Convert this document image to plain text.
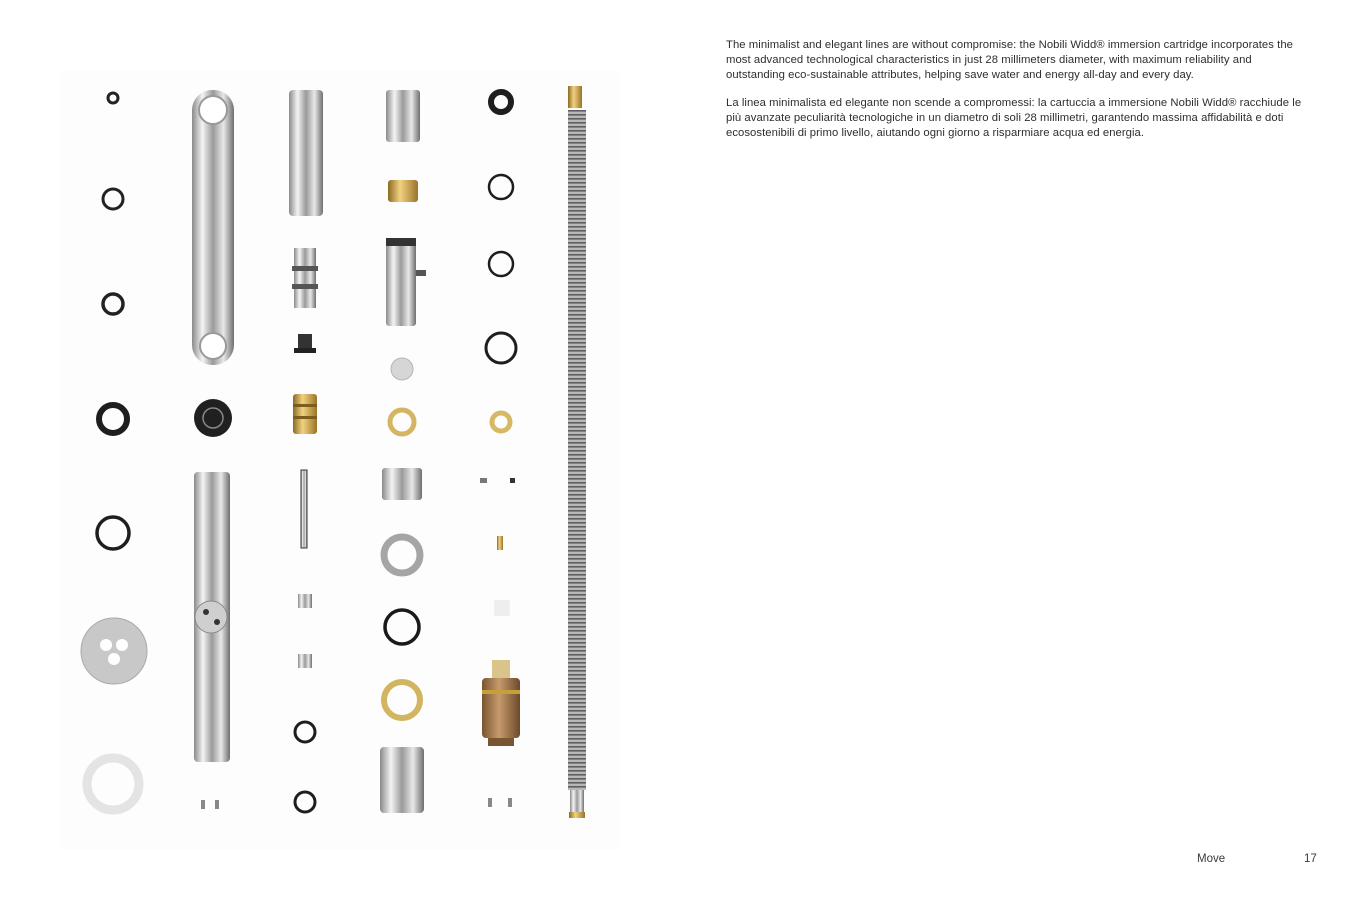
The minimalist and elegant lines are without compromise: the Nobili Widd® immersion cartridge incorporates the most advanced technological characteristics in just 28 millimeters diameter, with maximum reliability and outstanding eco-sustainable attributes, helping save water and energy all-day and every day.

La linea minimalista ed elegante non scende a compromessi: la cartuccia a immersione Nobili Widd® racchiude le più avanzate peculiarità tecnologiche in un diametro di soli 28 millimetri, garantendo massima affidabilità e doti ecosostenibili di primo livello, aiutando ogni giorno a risparmiare acqua ed energia.

Move	17
